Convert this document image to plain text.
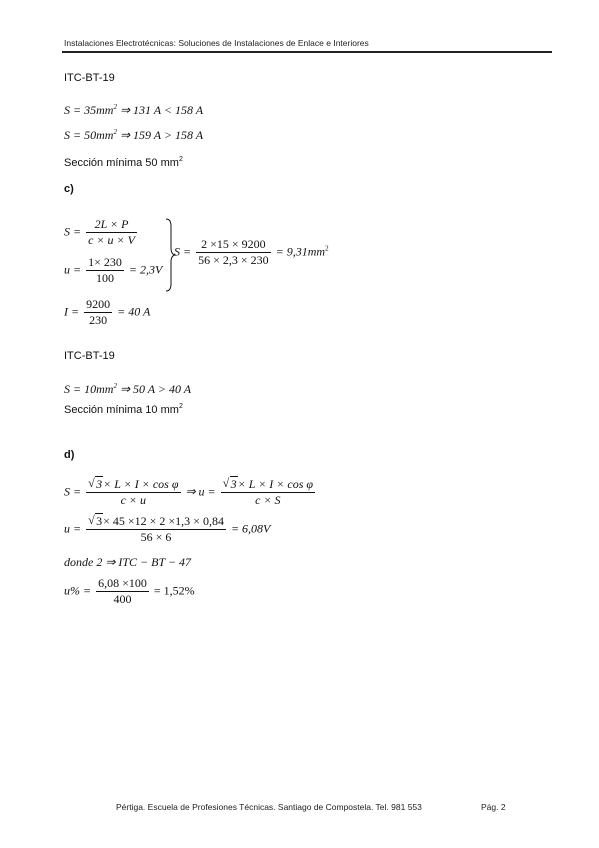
Instalaciones Electrotécnicas: Soluciones de Instalaciones de Enlace e Interiores
ITC-BT-19
$S = 35mm^2$ ⇒ 131 A < 158 A
$S = 50mm^2$ ⇒ 159 A > 158 A
Sección mínima 50 $mm^2$
c)
$S = \frac{2L \times P}{c \times u \times V}$
$u = \frac{1\times 230}{100} = 2,3V$
$S = \frac{2 \times 15 \times 9200}{56 \times 2,3 \times 230} = 9,31mm^2$
$I = \frac{9200}{230} = 40$ A
ITC-BT-19
$S = 10mm^2$ ⇒ 50 A > 40 A
Sección mínima 10 $mm^2$
d)
$S = \frac{\text{√ 3× L × I × cos φ}}{c \times u}$ ⇒ $u = \frac{\text{√ 3× L × I × cos φ}}{c \times S}$
$u = \frac{√ 3\times 45 \times 12 \times 2 \times 1,3 \times 0,84}{56 \times 6} = 6,08V$
donde 2 ⇒ ITC − BT − 47
$u\% = \frac{6,08 \times 100}{400} = 1,52\%$
Pértiga. Escuela de Profesiones Técnicas. Santiago de Compostela. Tel. 981 553	Pág. 2
